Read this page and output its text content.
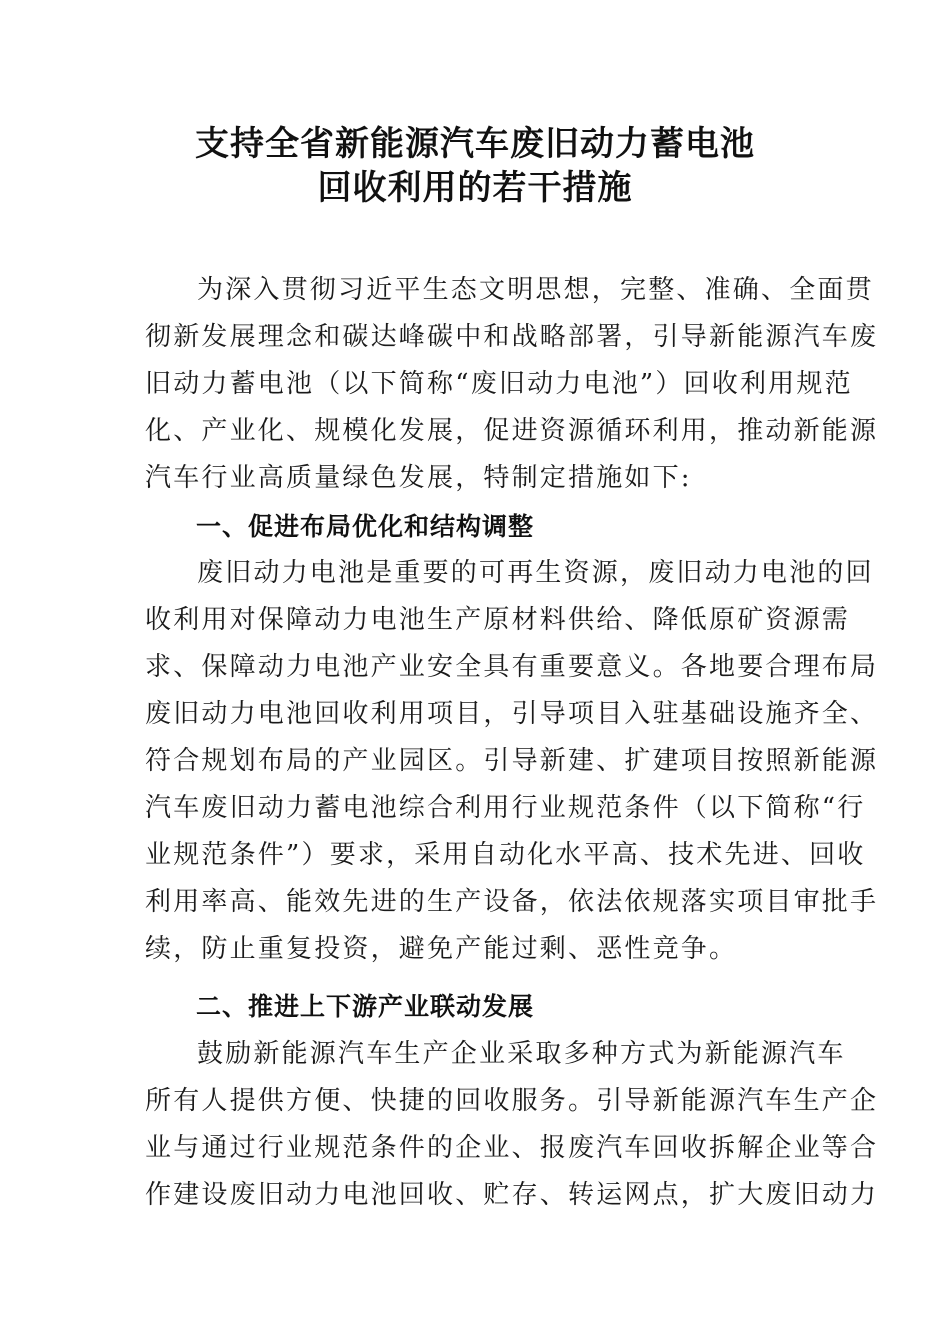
支持全省新能源汽车废旧动力蓄电池
回收利用的若干措施
为深入贯彻习近平生态文明思想，完整、准确、全面贯
彻新发展理念和碳达峰碳中和战略部署，引导新能源汽车废
旧动力蓄电池（以下简称“废旧动力电池”）回收利用规范
化、产业化、规模化发展，促进资源循环利用，推动新能源
汽车行业高质量绿色发展，特制定措施如下:
一、促进布局优化和结构调整
废旧动力电池是重要的可再生资源，废旧动力电池的回
收利用对保障动力电池生产原材料供给、降低原矿资源需
求、保障动力电池产业安全具有重要意义。各地要合理布局
废旧动力电池回收利用项目，引导项目入驻基础设施齐全、
符合规划布局的产业园区。引导新建、扩建项目按照新能源
汽车废旧动力蓄电池综合利用行业规范条件（以下简称“行
业规范条件”）要求，采用自动化水平高、技术先进、回收
利用率高、能效先进的生产设备，依法依规落实项目审批手
续，防止重复投资，避免产能过剩、恶性竞争。
二、推进上下游产业联动发展
鼓励新能源汽车生产企业采取多种方式为新能源汽车
所有人提供方便、快捷的回收服务。引导新能源汽车生产企
业与通过行业规范条件的企业、报废汽车回收拆解企业等合
作建设废旧动力电池回收、贮存、转运网点，扩大废旧动力
